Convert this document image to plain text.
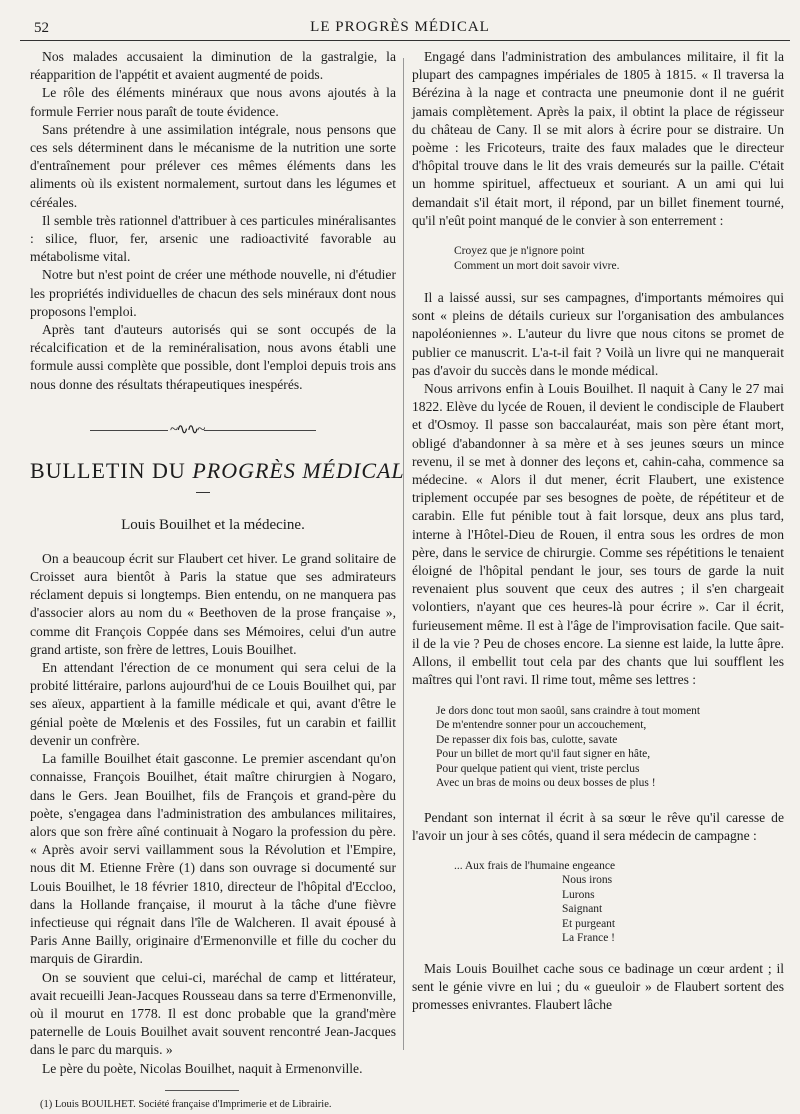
52	LE PROGRÈS MÉDICAL

Nos malades accusaient la diminution de la gastralgie, la réapparition de l'appétit et avaient augmenté de poids.

Le rôle des éléments minéraux que nous avons ajoutés à la formule Ferrier nous paraît de toute évidence.

Sans prétendre à une assimilation intégrale, nous pensons que ces sels déterminent dans le mécanisme de la nutrition une sorte d'entraînement pour prélever ces mêmes éléments dans les aliments où ils existent normalement, surtout dans les légumes et céréales.

Il semble très rationnel d'attribuer à ces particules minéralisantes : silice, fluor, fer, arsenic une radioactivité favorable au métabolisme vital.

Notre but n'est point de créer une méthode nouvelle, ni d'étudier les propriétés individuelles de chacun des sels minéraux dont nous proposons l'emploi.

Après tant d'auteurs autorisés qui se sont occupés de la récalcification et de la reminéralisation, nous avons établi une formule aussi complète que possible, dont l'emploi depuis trois ans nous donne des résultats thérapeutiques inespérés.

~∿∿~
BULLETIN DU PROGRÈS MÉDICAL
Louis Bouilhet et la médecine.

On a beaucoup écrit sur Flaubert cet hiver. Le grand solitaire de Croisset aura bientôt à Paris la statue que ses admirateurs réclament depuis si longtemps. Bien entendu, on ne manquera pas d'associer alors au nom du « Beethoven de la prose française », comme dit François Coppée dans ses Mémoires, celui d'un autre grand artiste, son frère de lettres, Louis Bouilhet.

En attendant l'érection de ce monument qui sera celui de la probité littéraire, parlons aujourd'hui de ce Louis Bouilhet qui, par ses aïeux, appartient à la famille médicale et qui, avant d'être le génial poète de Mœlenis et des Fossiles, fut un carabin et faillit devenir un confrère.

La famille Bouilhet était gasconne. Le premier ascendant qu'on connaisse, François Bouilhet, était maître chirurgien à Nogaro, dans le Gers. Jean Bouilhet, fils de François et grand-père du poète, s'engagea dans l'administration des ambulances militaires, alors que son frère aîné continuait à Nogaro la profession du père. « Après avoir servi vaillamment sous la Révolution et l'Empire, nous dit M. Etienne Frère (1) dans son ouvrage si documenté sur Louis Bouilhet, le 18 février 1810, directeur de l'hôpital d'Eccloo, dans la Hollande française, il mourut à la tâche d'une fièvre infectieuse qui régnait dans l'île de Walcheren. Il avait épousé à Paris Anne Bailly, originaire d'Ermenonville et fille du cocher du marquis de Girardin.

On se souvient que celui-ci, maréchal de camp et littérateur, avait recueilli Jean-Jacques Rousseau dans sa terre d'Ermenonville, où il mourut en 1778. Il est donc probable que la grand'mère paternelle de Louis Bouilhet avait souvent rencontré Jean-Jacques dans le parc du marquis. »

Le père du poète, Nicolas Bouilhet, naquit à Ermenonville.

(1) Louis BOUILHET. Société française d'Imprimerie et de Librairie.

Engagé dans l'administration des ambulances militaire, il fit la plupart des campagnes impériales de 1805 à 1815. « Il traversa la Bérézina à la nage et contracta une pneumonie dont il ne guérit jamais complètement. Après la paix, il obtint la place de régisseur du château de Cany. Il se mit alors à écrire pour se distraire. Un poème : les Fricoteurs, traite des faux malades que le directeur d'hôpital trouve dans le lit des vrais demeurés sur la paille. C'était un homme spirituel, affectueux et souriant. A un ami qui lui demandait s'il était mort, il répond, par un billet finement tourné, qu'il n'eût point manqué de le convier à son enterrement :

Croyez que je n'ignore point
Comment un mort doit savoir vivre.

Il a laissé aussi, sur ses campagnes, d'importants mémoires qui sont « pleins de détails curieux sur l'organisation des ambulances napoléoniennes ». L'auteur du livre que nous citons se promet de publier ce manuscrit. L'a-t-il fait ? Voilà un livre qui ne manquerait pas d'avoir du succès dans le monde médical.

Nous arrivons enfin à Louis Bouilhet. Il naquit à Cany le 27 mai 1822. Elève du lycée de Rouen, il devient le condisciple de Flaubert et d'Osmoy. Il passe son baccalauréat, mais son père étant mort, obligé d'abandonner à sa mère et à ses jeunes sœurs un mince revenu, il se met à donner des leçons et, cahin-caha, commence sa médecine. « Alors il dut mener, écrit Flaubert, une existence triplement occupée par ses besognes de poète, de répétiteur et de carabin. Elle fut pénible tout à fait lorsque, deux ans plus tard, interne à l'Hôtel-Dieu de Rouen, il entra sous les ordres de mon père, dans le service de chirurgie. Comme ses répétitions le tenaient éloigné de l'hôpital pendant le jour, ses tours de garde la nuit revenaient plus souvent que ceux des autres ; il s'en chargeait volontiers, n'ayant que ces heures-là pour écrire ». Car il écrit, furieusement même. Il est à l'âge de l'improvisation facile. Que sait-il de la vie ? Peu de choses encore. La sienne est laide, la lutte âpre. Allons, il embellit tout cela par des chants que lui soufflent les maîtres qui l'ont ravi. Il rime tout, même ses lettres :

Je dors donc tout mon saoûl, sans craindre à tout moment
De m'entendre sonner pour un accouchement,
De repasser dix fois bas, culotte, savate
Pour un billet de mort qu'il faut signer en hâte,
Pour quelque patient qui vient, triste perclus
Avec un bras de moins ou deux bosses de plus !

Pendant son internat il écrit à sa sœur le rêve qu'il caresse de l'avoir un jour à ses côtés, quand il sera médecin de campagne :

... Aux frais de l'humaine engeance
Nous irons
Lurons
Saignant
Et purgeant
La France !

Mais Louis Bouilhet cache sous ce badinage un cœur ardent ; il sent le génie vivre en lui ; du « gueuloir » de Flaubert sortent des promesses enivrantes. Flaubert lâche
